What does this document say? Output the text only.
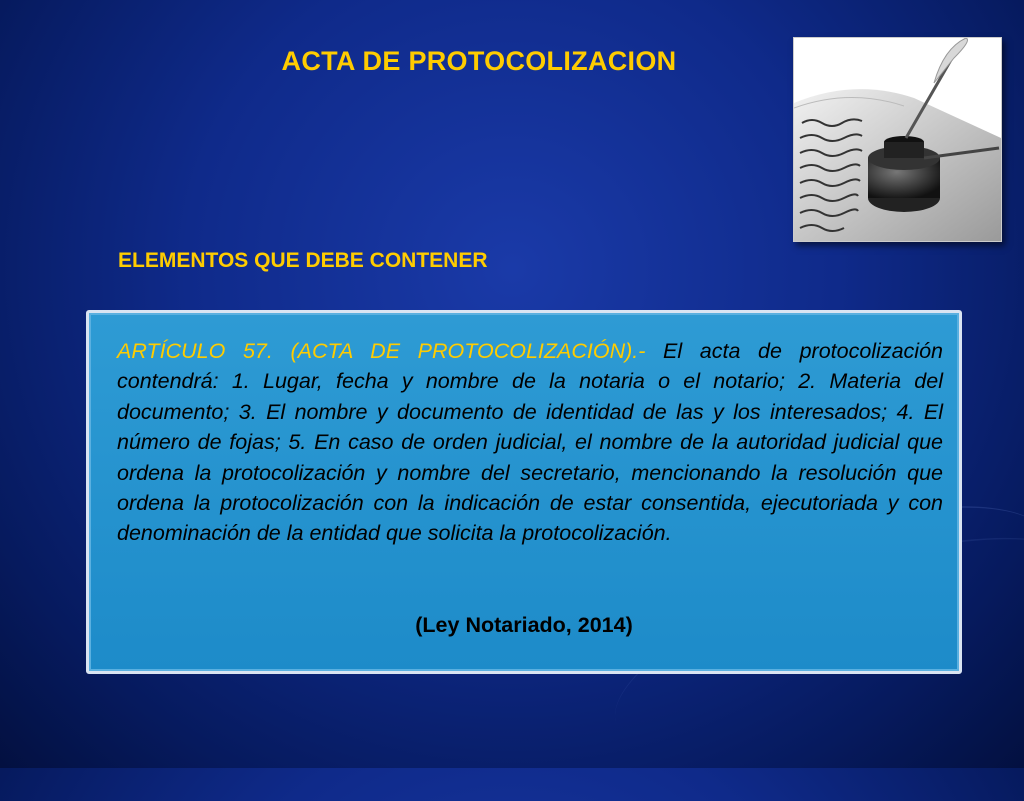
ACTA DE PROTOCOLIZACION
ELEMENTOS QUE DEBE CONTENER
ARTÍCULO 57. (ACTA DE PROTOCOLIZACIÓN).- El acta de protocolización contendrá: 1. Lugar, fecha y nombre de la notaria o el notario; 2. Materia del documento; 3. El nombre y documento de identidad de las y los interesados; 4. El número de fojas; 5. En caso de orden judicial, el nombre de la autoridad judicial que ordena la protocolización y nombre del secretario, mencionando la resolución que ordena la protocolización con la indicación de estar consentida, ejecutoriada y con denominación de la entidad que solicita la protocolización.
(Ley Notariado, 2014)
